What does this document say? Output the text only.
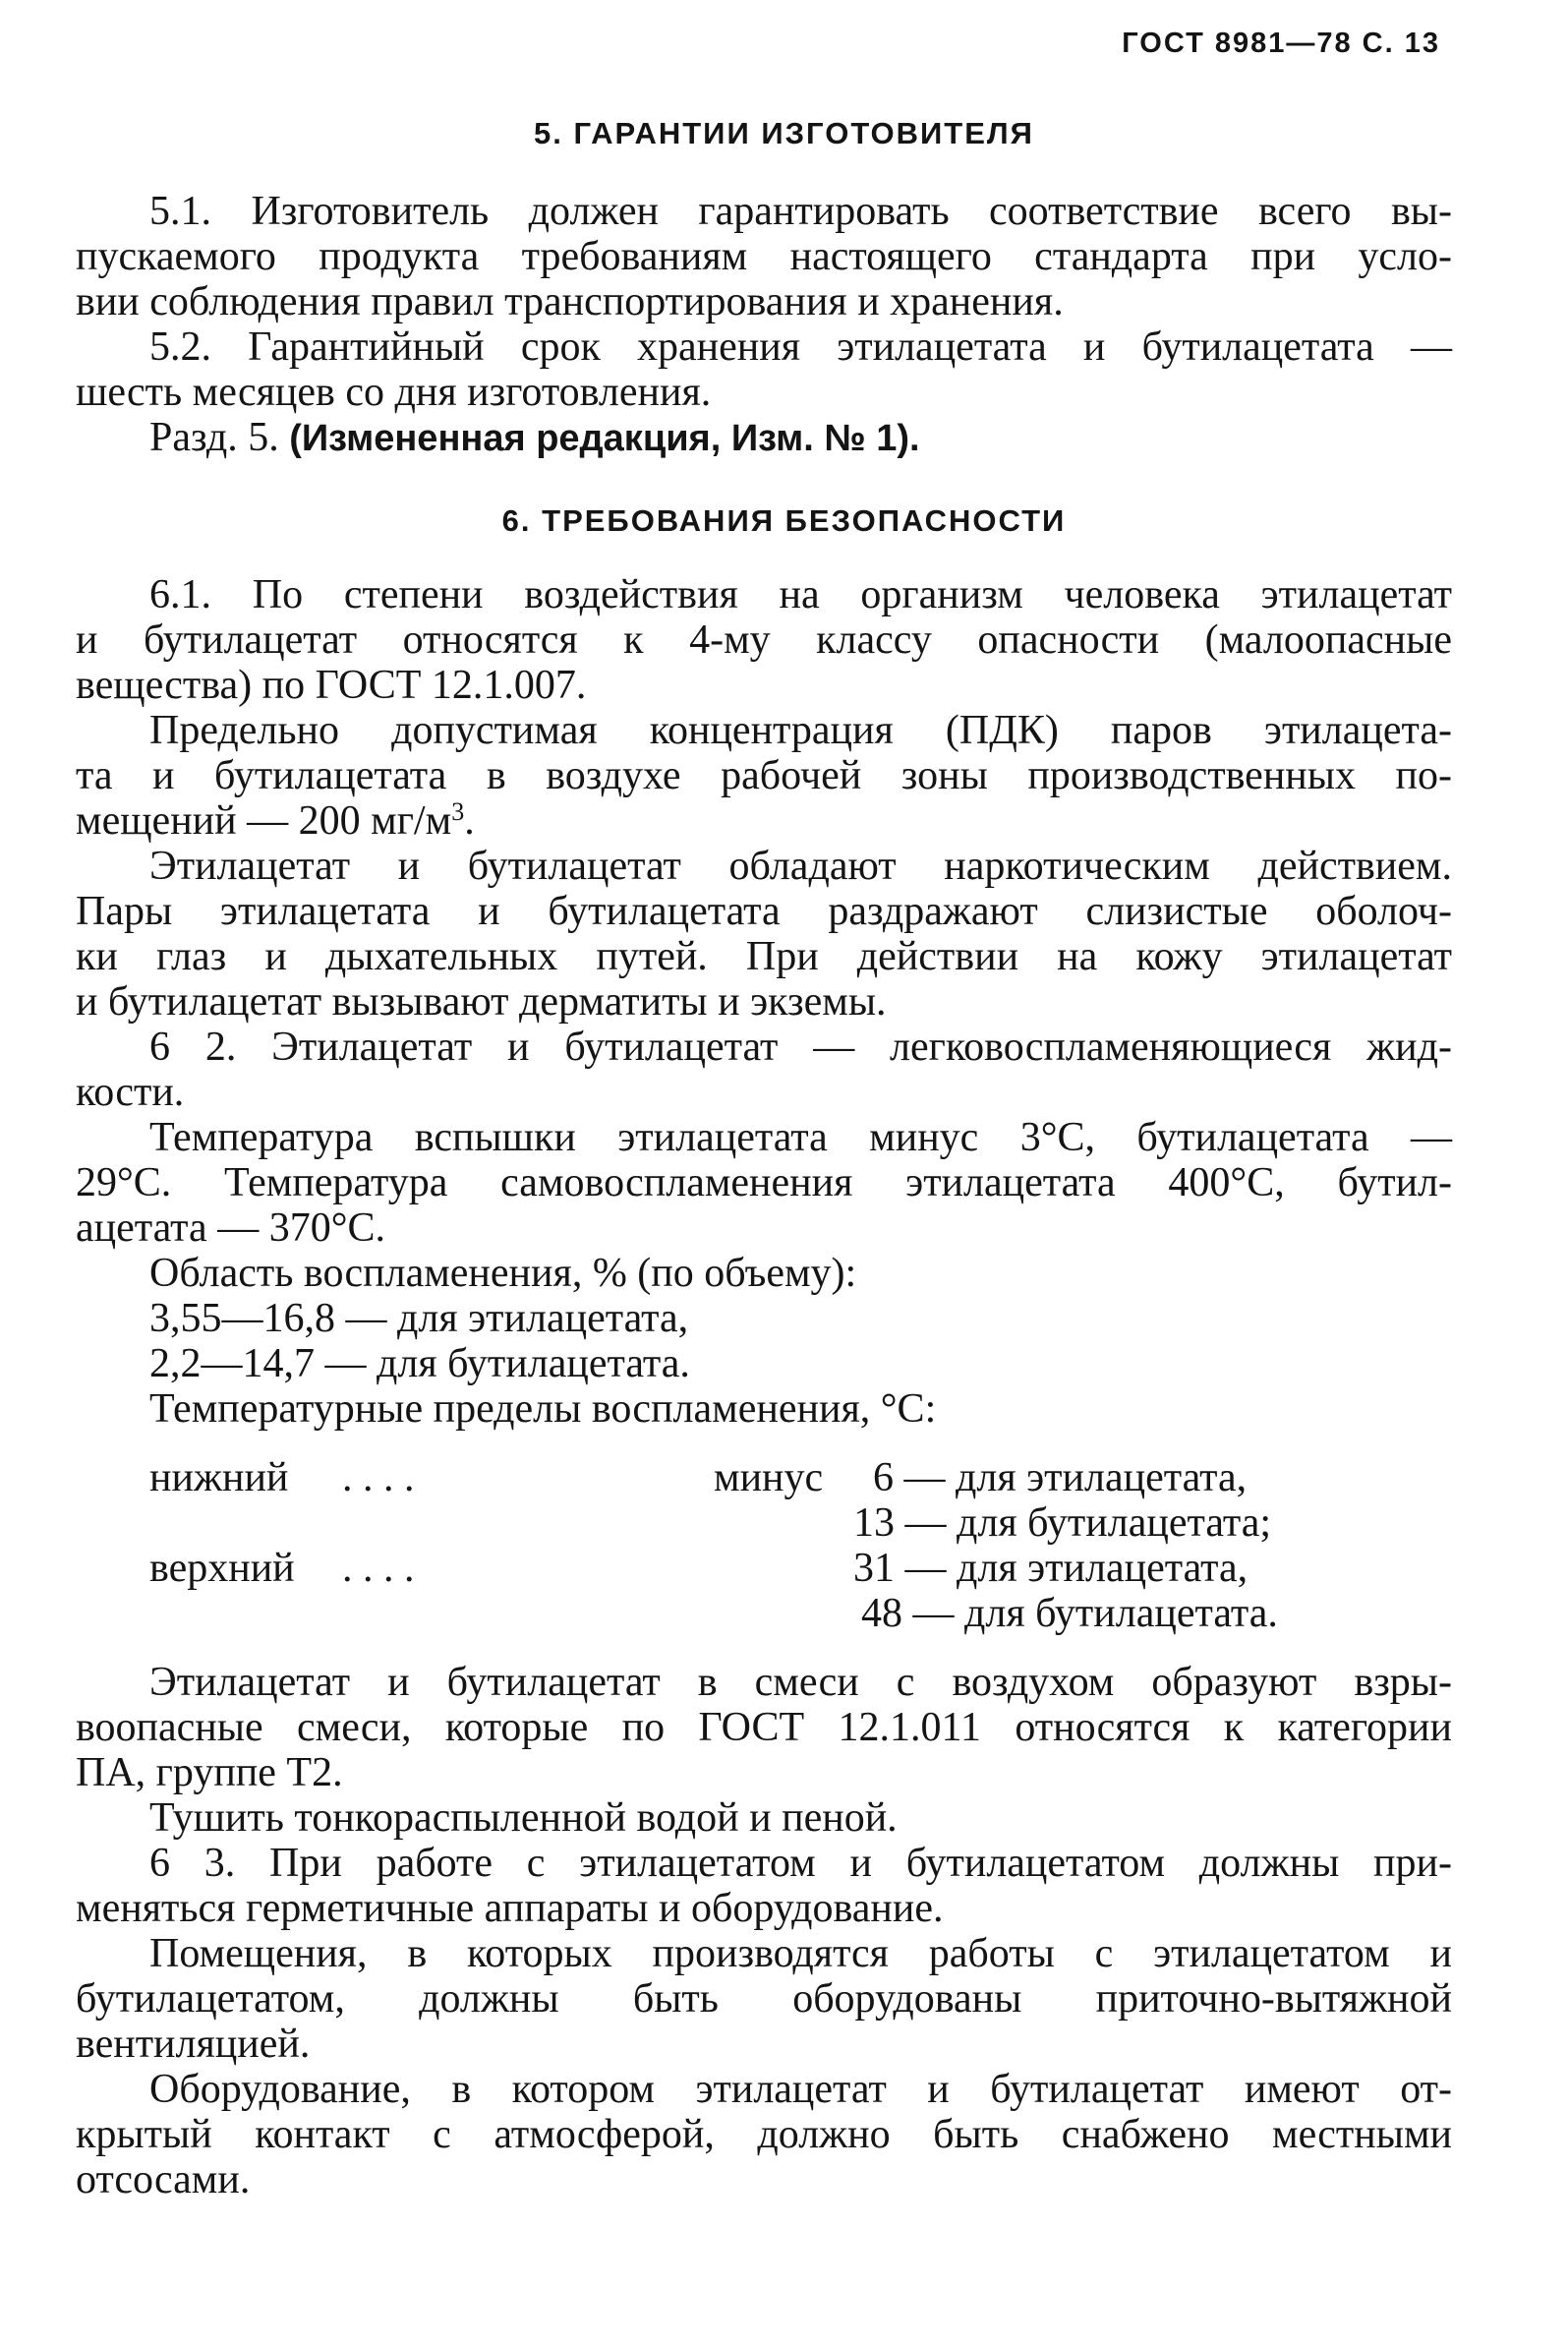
ГОСТ 8981—78 С. 13
5. ГАРАНТИИ ИЗГОТОВИТЕЛЯ
5.1. Изготовитель должен гарантировать соответствие всего вы-
пускаемого продукта требованиям настоящего стандарта при усло-
вии соблюдения правил транспортирования и хранения.
5.2. Гарантийный срок хранения этилацетата и бутилацетата —
шесть месяцев со дня изготовления.
Разд. 5. (Измененная редакция, Изм. № 1).
6. ТРЕБОВАНИЯ БЕЗОПАСНОСТИ
6.1. По степени воздействия на организм человека этилацетат
и бутилацетат относятся к 4-му классу опасности (малоопасные
вещества) по ГОСТ 12.1.007.
Предельно допустимая концентрация (ПДК) паров этилацета-
та и бутилацетата в воздухе рабочей зоны производственных по-
мещений — 200 $мг/м^3$.
Этилацетат и бутилацетат обладают наркотическим действием.
Пары этилацетата и бутилацетата раздражают слизистые оболоч-
ки глаз и дыхательных путей. При действии на кожу этилацетат
и бутилацетат вызывают дерматиты и экземы.
6 2. Этилацетат и бутилацетат — легковоспламеняющиеся жид-
кости.
Температура вспышки этилацетата минус 3°С, бутилацетата —
29°С. Температура самовоспламенения этилацетата 400°С, бутил-
ацетата — 370°С.
Область воспламенения, % (по объему):
3,55—16,8 — для этилацетата,
2,2—14,7 — для бутилацетата.
Температурные пределы воспламенения, °С:
нижний . . . .	минус 6 — для этилацетата,
13 — для бутилацетата;
верхний . . . .	31 — для этилацетата,
48 — для бутилацетата.
Этилацетат и бутилацетат в смеси с воздухом образуют взры-
воопасные смеси, которые по ГОСТ 12.1.011 относятся к категории
ПА, группе Т2.
Тушить тонкораспыленной водой и пеной.
6 3. При работе с этилацетатом и бутилацетатом должны при-
меняться герметичные аппараты и оборудование.
Помещения, в которых производятся работы с этилацетатом и
бутилацетатом, должны быть оборудованы приточно-вытяжной
вентиляцией.
Оборудование, в котором этилацетат и бутилацетат имеют от-
крытый контакт с атмосферой, должно быть снабжено местными
отсосами.
